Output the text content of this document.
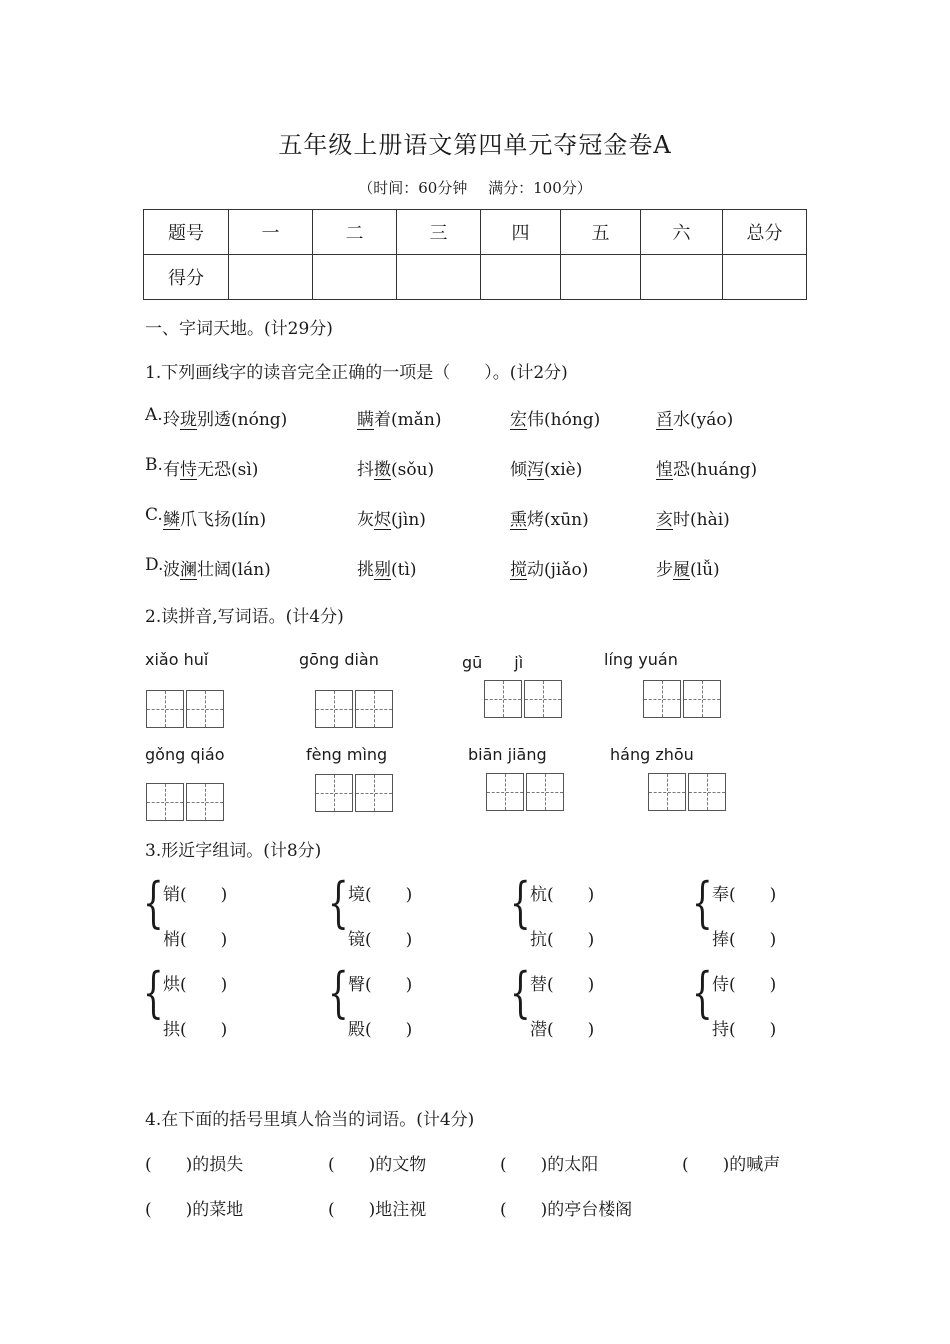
五年级上册语文第四单元夺冠金卷A
（时间：60分钟 满分：100分）
题号	一	二	三	四	五	六	总分
得分							
一、字词天地。(计29分)
1.下列画线字的读音完全正确的一项是（　　）。(计2分)
A. 玲珑别透(nóng)	瞒着(mǎn)	宏伟(hóng)	舀水(yáo)
B. 有恃无恐(sì)	抖擞(sǒu)	倾泻(xiè)	惶恐(huáng)
C. 鳞爪飞扬(lín)	灰烬(jìn)	熏烤(xūn)	亥时(hài)
D. 波澜壮阔(lán)	挑剔(tì)	搅动(jiǎo)	步履(lǚ)
2.读拼音,写词语。(计4分)
xiǎo huǐ	gōng diàn	gū　　jì	líng yuán
gǒng qiáo	fèng mìng	biān jiāng	háng zhōu
3.形近字组词。(计8分)
{ 销(　　)
梢(　　)
{ 境(　　)
镜(　　)
{ 杭(　　)
抗(　　)
{ 奉(　　)
捧(　　)
{ 烘(　　)
拱(　　)
{ 臀(　　)
殿(　　)
{ 替(　　)
潜(　　)
{ 侍(　　)
持(　　)
4.在下面的括号里填人恰当的词语。(计4分)
(　　)的损失	(　　)的文物	(　　)的太阳	(　　)的喊声
(　　)的菜地	(　　)地注视	(　　)的亭台楼阁
